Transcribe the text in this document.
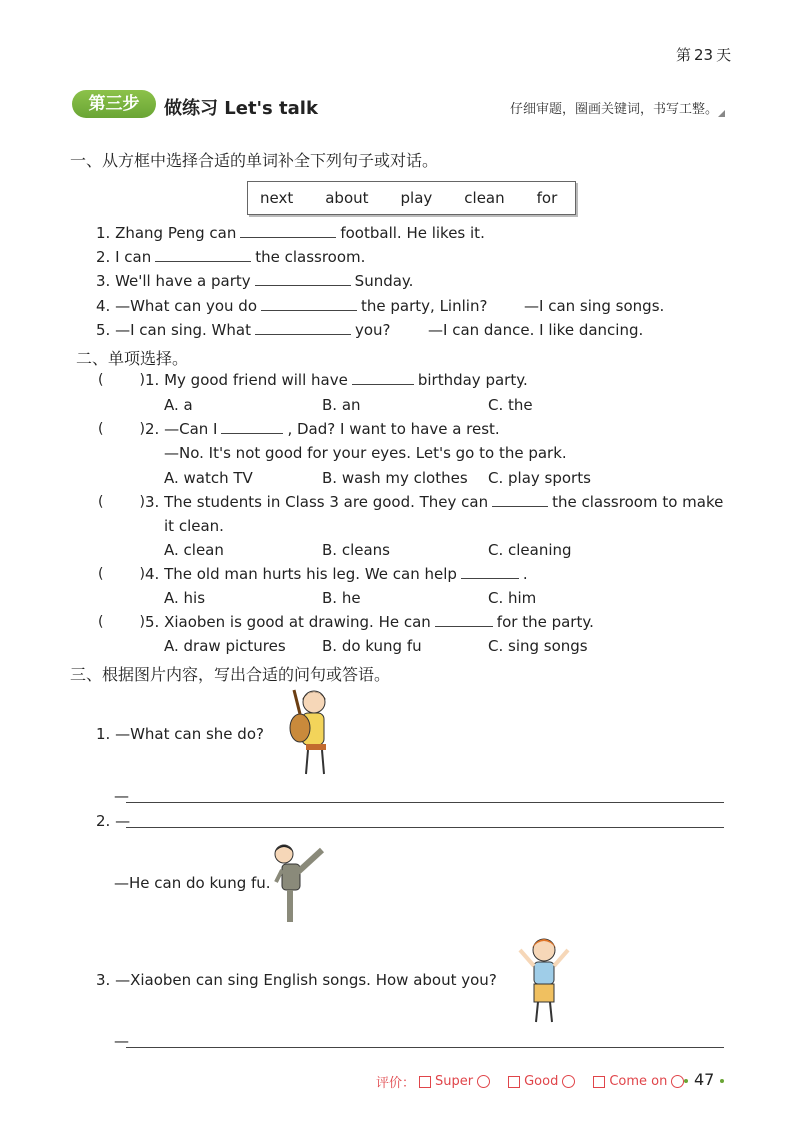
第 23 天
第三步	做练习 Let's talk	仔细审题，圈画关键词，书写工整。
一、从方框中选择合适的单词补全下列句子或对话。
next about play clean for
1. Zhang Peng can	football. He likes it.
2. I can	the classroom.
3. We'll have a party	Sunday.
4. —What can you do	the party, Linlin? —I can sing songs.
5. —I can sing. What	you?	—I can dance. I like dancing.
二、单项选择。
(	) 1. My good friend will have	birthday party.
A. a	B. an	C. the
(	) 2. —Can I	, Dad? I want to have a rest.
—No. It's not good for your eyes. Let's go to the park.
A. watch TV	B. wash my clothes C. play sports
(	) 3. The students in Class 3 are good. They can	the classroom to make
it clean.
A. clean	B. cleans	C. cleaning
(	) 4. The old man hurts his leg. We can help	.
A. his	B. he	C. him
(	) 5. Xiaoben is good at drawing. He can	for the party.
A. draw pictures B. do kung fu	C. sing songs
三、根据图片内容，写出合适的问句或答语。
1. —What can she do?
—
2. —
—He can do kung fu.
3. —Xiaoben can sing English songs. How about you?
—
评价： Super	Good	Come on	47
